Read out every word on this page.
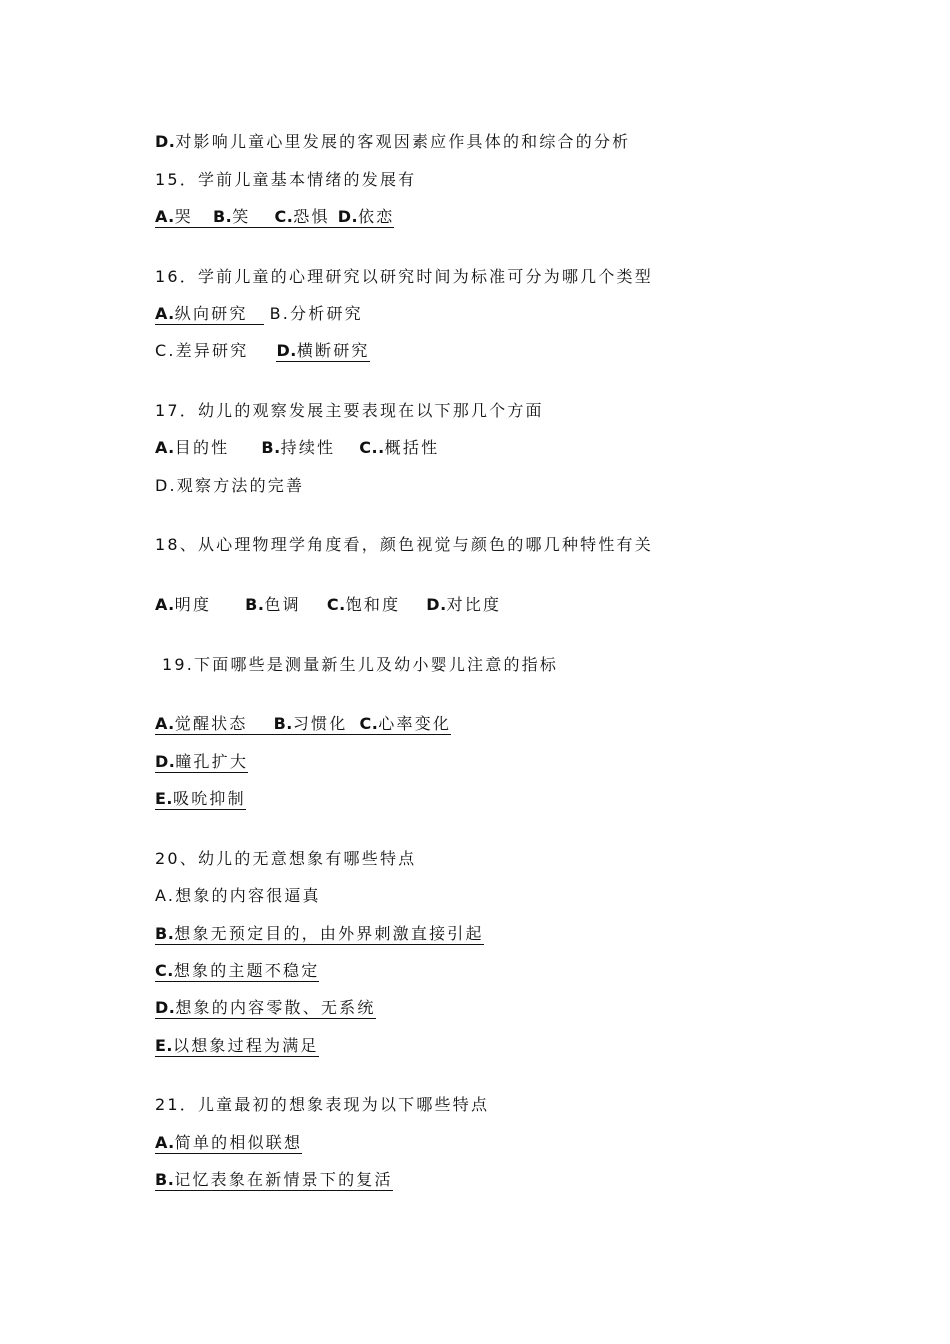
D.对影响儿童心里发展的客观因素应作具体的和综合的分析
15．学前儿童基本情绪的发展有
A.哭 B.笑 C.恐惧 D.依恋
16．学前儿童的心理研究以研究时间为标准可分为哪几个类型
A.纵向研究 B.分析研究
C.差异研究 D.横断研究
17．幼儿的观察发展主要表现在以下那几个方面
A.目的性 B.持续性 C..概括性
D.观察方法的完善
18、从心理物理学角度看，颜色视觉与颜色的哪几种特性有关
A.明度 B.色调 C.饱和度 D.对比度
19.下面哪些是测量新生儿及幼小婴儿注意的指标
A.觉醒状态 B.习惯化 C.心率变化
D.瞳孔扩大
E.吸吮抑制
20、幼儿的无意想象有哪些特点
A.想象的内容很逼真
B.想象无预定目的，由外界刺激直接引起
C.想象的主题不稳定
D.想象的内容零散、无系统
E.以想象过程为满足
21．儿童最初的想象表现为以下哪些特点
A.简单的相似联想
B.记忆表象在新情景下的复活
